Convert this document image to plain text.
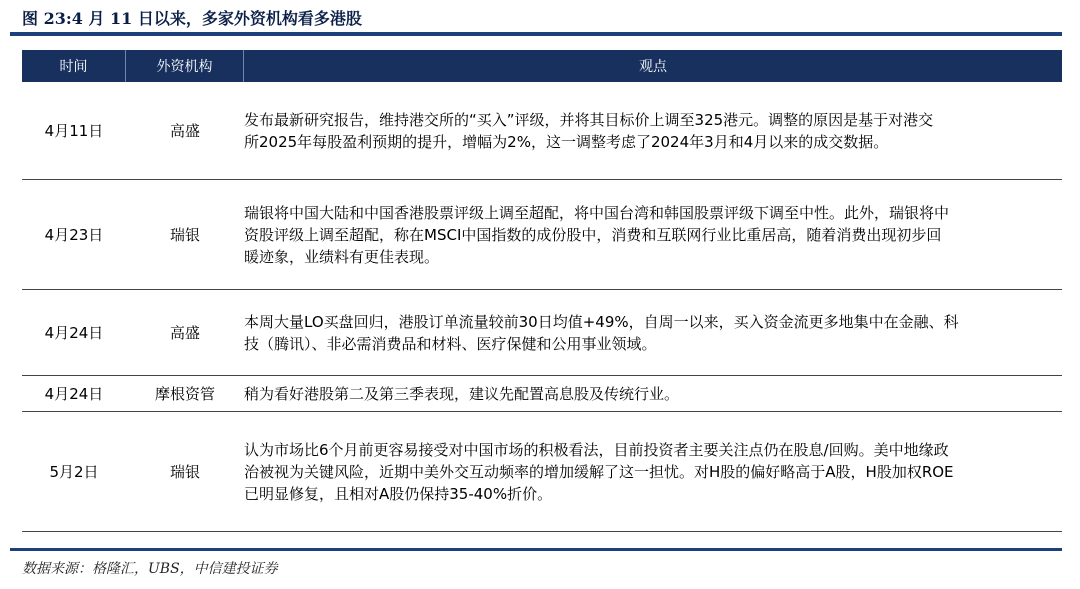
图 23:4 月 11 日以来，多家外资机构看多港股
时间	外资机构	观点
4月11日	高盛
发布最新研究报告，维持港交所的“买入”评级，并将其目标价上调至325港元。调整的原因是基于对港交
所2025年每股盈利预期的提升，增幅为2%，这一调整考虑了2024年3月和4月以来的成交数据。
4月23日	瑞银
瑞银将中国大陆和中国香港股票评级上调至超配，将中国台湾和韩国股票评级下调至中性。此外，瑞银将中
资股评级上调至超配，称在MSCI中国指数的成份股中，消费和互联网行业比重居高，随着消费出现初步回
暖迹象，业绩料有更佳表现。
4月24日	高盛
本周大量LO买盘回归，港股订单流量较前30日均值+49%，自周一以来，买入资金流更多地集中在金融、科
技（腾讯）、非必需消费品和材料、医疗保健和公用事业领域。
4月24日	摩根资管	稍为看好港股第二及第三季表现，建议先配置高息股及传统行业。
5月2日	瑞银
认为市场比6个月前更容易接受对中国市场的积极看法，目前投资者主要关注点仍在股息/回购。美中地缘政
治被视为关键风险，近期中美外交互动频率的增加缓解了这一担忧。对H股的偏好略高于A股，H股加权ROE
已明显修复，且相对A股仍保持35-40%折价。
数据来源：格隆汇，UBS，中信建投证券
